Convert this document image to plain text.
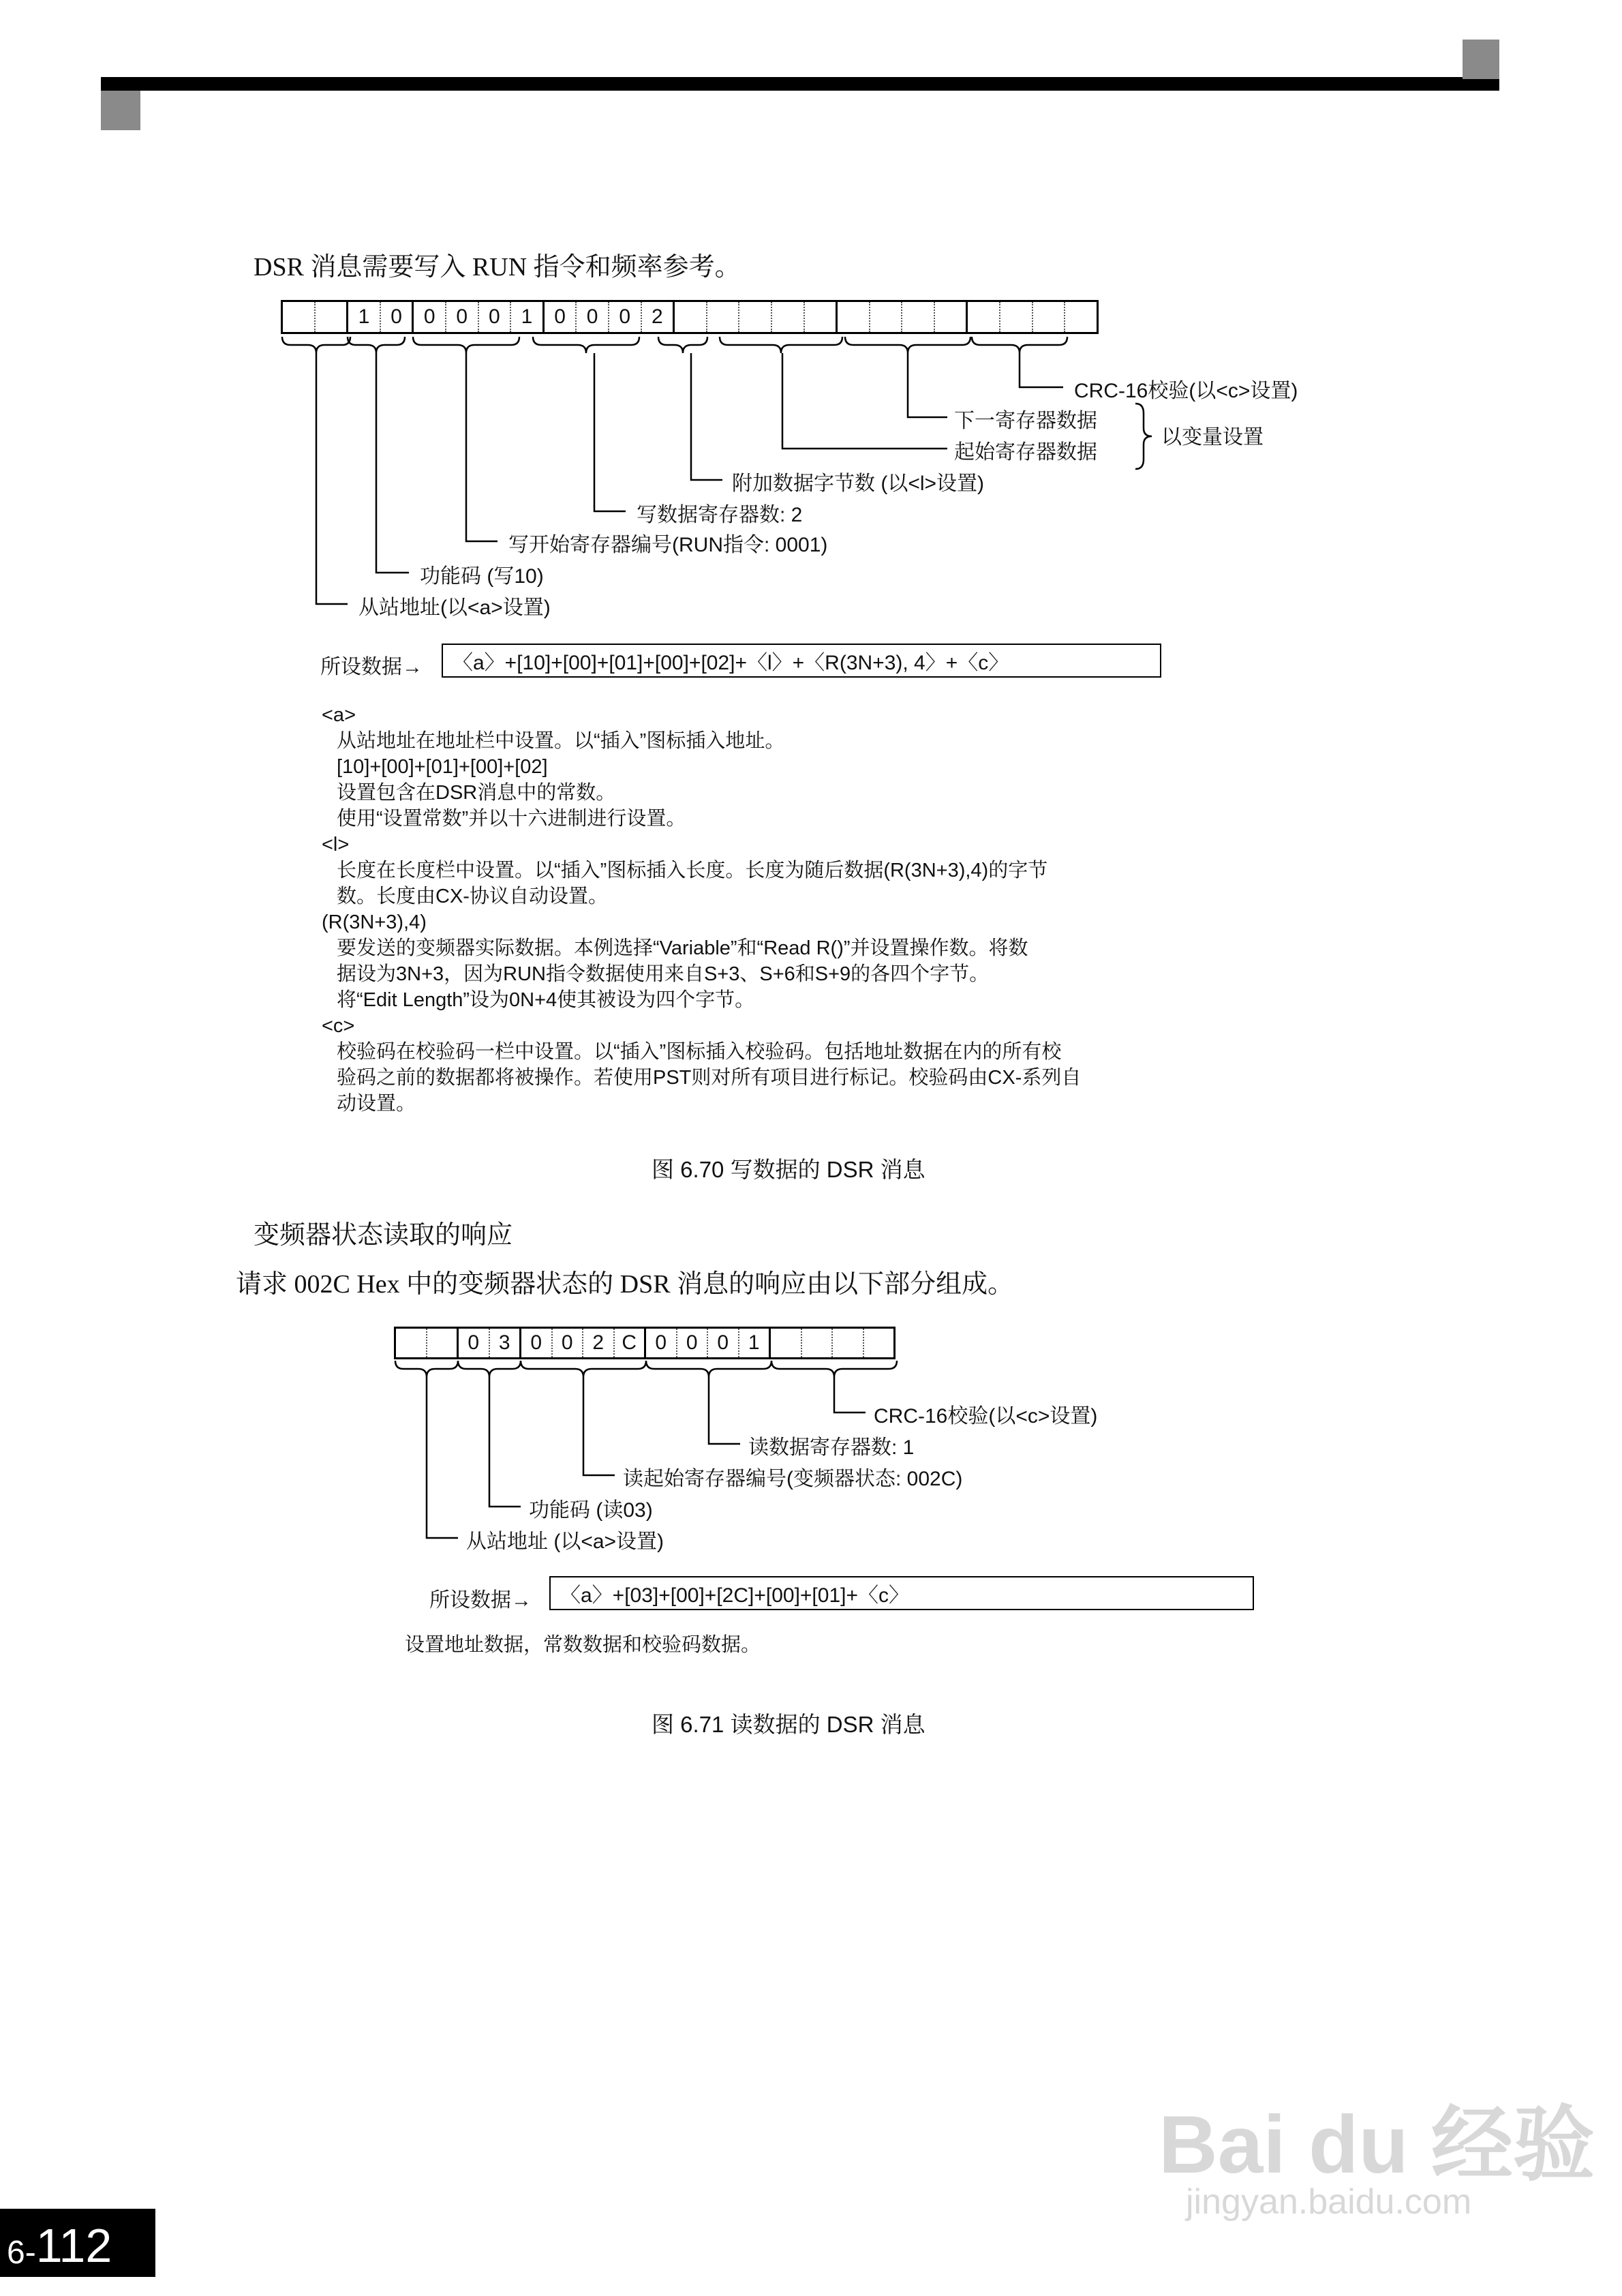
DSR 消息需要写入 RUN 指令和频率参考。
1	0	0	0	0	1	0	0	0	2
CRC-16校验(以<c>设置)
下一寄存器数据
起始寄存器数据
以变量设置
附加数据字节数 (以<l>设置)
写数据寄存器数: 2
写开始寄存器编号(RUN指令: 0001)
功能码 (写10)
从站地址(以<a>设置)
所设数据→	〈a〉+[10]+[00]+[01]+[00]+[02]+〈l〉+〈R(3N+3), 4〉+〈c〉
<a>
从站地址在地址栏中设置。以“插入”图标插入地址。
[10]+[00]+[01]+[00]+[02]
设置包含在DSR消息中的常数。
使用“设置常数”并以十六进制进行设置。
<l>
长度在长度栏中设置。以“插入”图标插入长度。长度为随后数据(R(3N+3),4)的字节
数。长度由CX-协议自动设置。
(R(3N+3),4)
要发送的变频器实际数据。本例选择“Variable”和“Read R()”并设置操作数。将数
据设为3N+3，因为RUN指令数据使用来自S+3、S+6和S+9的各四个字节。
将“Edit Length”设为0N+4使其被设为四个字节。
<c>
校验码在校验码一栏中设置。以“插入”图标插入校验码。包括地址数据在内的所有校
验码之前的数据都将被操作。若使用PST则对所有项目进行标记。校验码由CX-系列自
动设置。
图 6.70 写数据的 DSR 消息
变频器状态读取的响应
请求 002C Hex 中的变频器状态的 DSR 消息的响应由以下部分组成。
0 3 0 0 2 C 0 0 0 1
CRC-16校验(以<c>设置)
读数据寄存器数: 1
读起始寄存器编号(变频器状态: 002C)
功能码 (读03)
从站地址 (以<a>设置)
所设数据→	〈a〉+[03]+[00]+[2C]+[00]+[01]+〈c〉
设置地址数据，常数数据和校验码数据。
图 6.71 读数据的 DSR 消息
Bai du 经验
jingyan.baidu.com
6- 112
